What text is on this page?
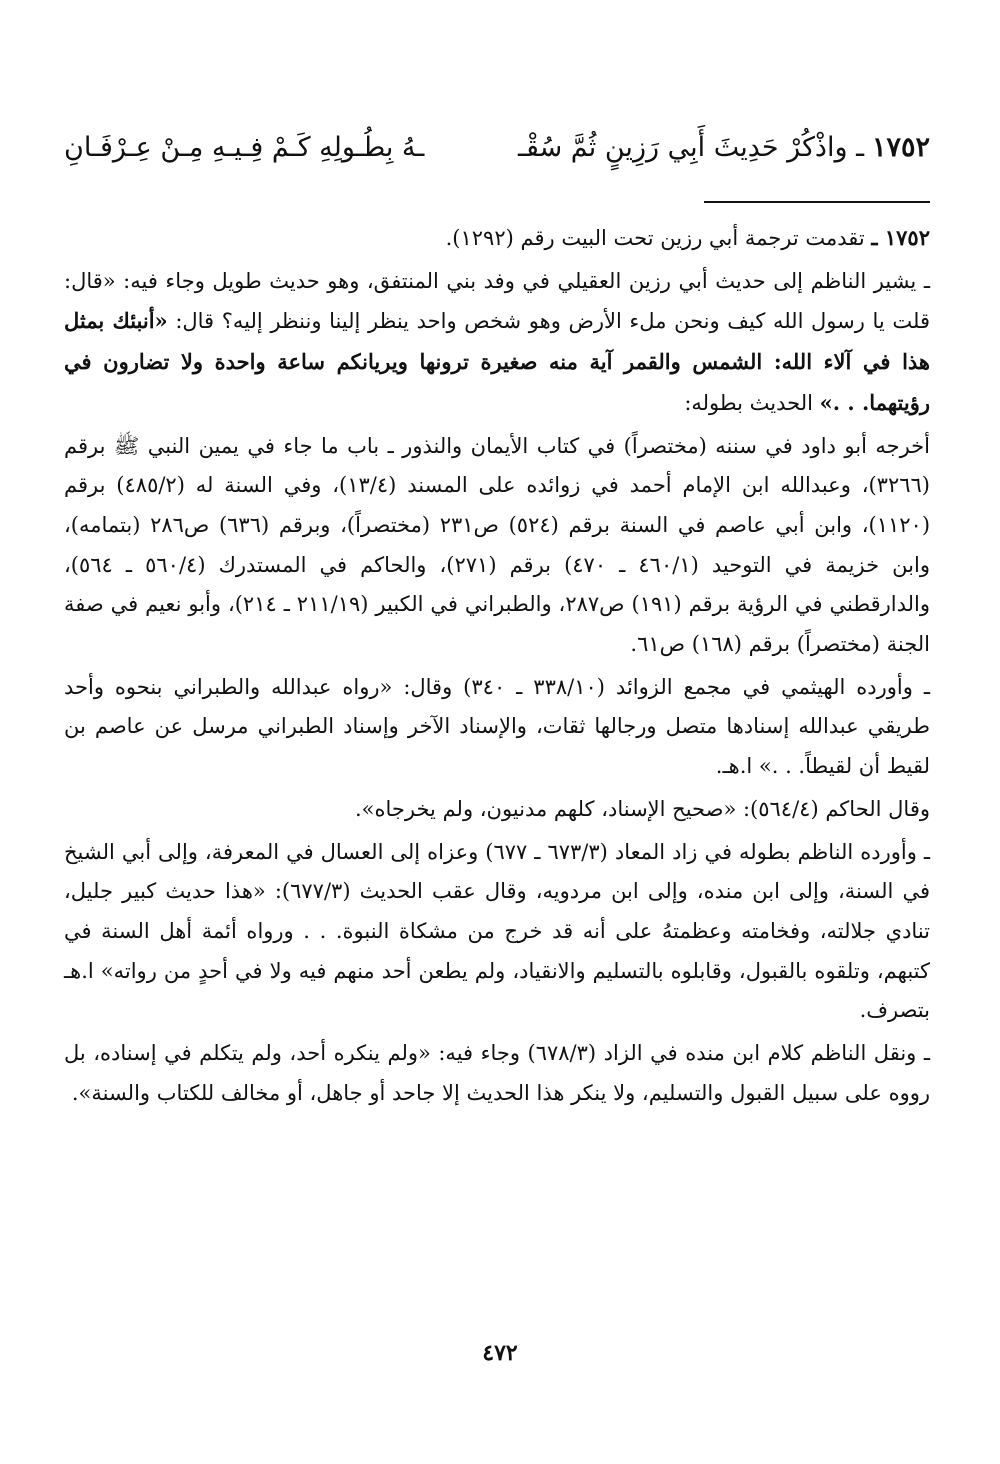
١٧٥٢ـ واذْكُرْ حَدِيثَ أَبِي رَزِينٍ ثُمَّ سُقْـ
ـهُ بِطُـولِهِ كَـمْ فِـيـهِ مِـنْ عِـرْفَـانِ

١٧٥٢ ـ تقدمت ترجمة أبي رزين تحت البيت رقم (١٢٩٢).

ـ يشير الناظم إلى حديث أبي رزين العقيلي في وفد بني المنتفق، وهو حديث طويل وجاء فيه: «قال: قلت يا رسول الله كيف ونحن ملء الأرض وهو شخص واحد ينظر إلينا وننظر إليه؟ قال: «أنبئك بمثل هذا في آلاء الله: الشمس والقمر آية منه صغيرة ترونها ويريانكم ساعة واحدة ولا تضارون في رؤيتهما. . .» الحديث بطوله:

أخرجه أبو داود في سننه (مختصراً) في كتاب الأيمان والنذور ـ باب ما جاء في يمين النبي ﷺ برقم (٣٢٦٦)، وعبدالله ابن الإمام أحمد في زوائده على المسند (١٣/٤)، وفي السنة له (٤٨٥/٢) برقم (١١٢٠)، وابن أبي عاصم في السنة برقم (٥٢٤) ص٢٣١ (مختصراً)، وبرقم (٦٣٦) ص٢٨٦ (بتمامه)، وابن خزيمة في التوحيد (٤٦٠/١ ـ ٤٧٠) برقم (٢٧١)، والحاكم في المستدرك (٥٦٠/٤ ـ ٥٦٤)، والدارقطني في الرؤية برقم (١٩١) ص٢٨٧، والطبراني في الكبير (٢١١/١٩ ـ ٢١٤)، وأبو نعيم في صفة الجنة (مختصراً) برقم (١٦٨) ص٦١.

ـ وأورده الهيثمي في مجمع الزوائد (٣٣٨/١٠ ـ ٣٤٠) وقال: «رواه عبدالله والطبراني بنحوه وأحد طريقي عبدالله إسنادها متصل ورجالها ثقات، والإسناد الآخر وإسناد الطبراني مرسل عن عاصم بن لقيط أن لقيطاً. . .» ا.هـ.

وقال الحاكم (٥٦٤/٤): «صحيح الإسناد، كلهم مدنيون، ولم يخرجاه».

ـ وأورده الناظم بطوله في زاد المعاد (٦٧٣/٣ ـ ٦٧٧) وعزاه إلى العسال في المعرفة، وإلى أبي الشيخ في السنة، وإلى ابن منده، وإلى ابن مردويه، وقال عقب الحديث (٦٧٧/٣): «هذا حديث كبير جليل، تنادي جلالته، وفخامته وعظمتهُ على أنه قد خرج من مشكاة النبوة. . . ورواه أئمة أهل السنة في كتبهم، وتلقوه بالقبول، وقابلوه بالتسليم والانقياد، ولم يطعن أحد منهم فيه ولا في أحدٍ من رواته» ا.هـ بتصرف.

ـ ونقل الناظم كلام ابن منده في الزاد (٦٧٨/٣) وجاء فيه: «ولم ينكره أحد، ولم يتكلم في إسناده، بل رووه على سبيل القبول والتسليم، ولا ينكر هذا الحديث إلا جاحد أو جاهل، أو مخالف للكتاب والسنة».

٤٧٢
